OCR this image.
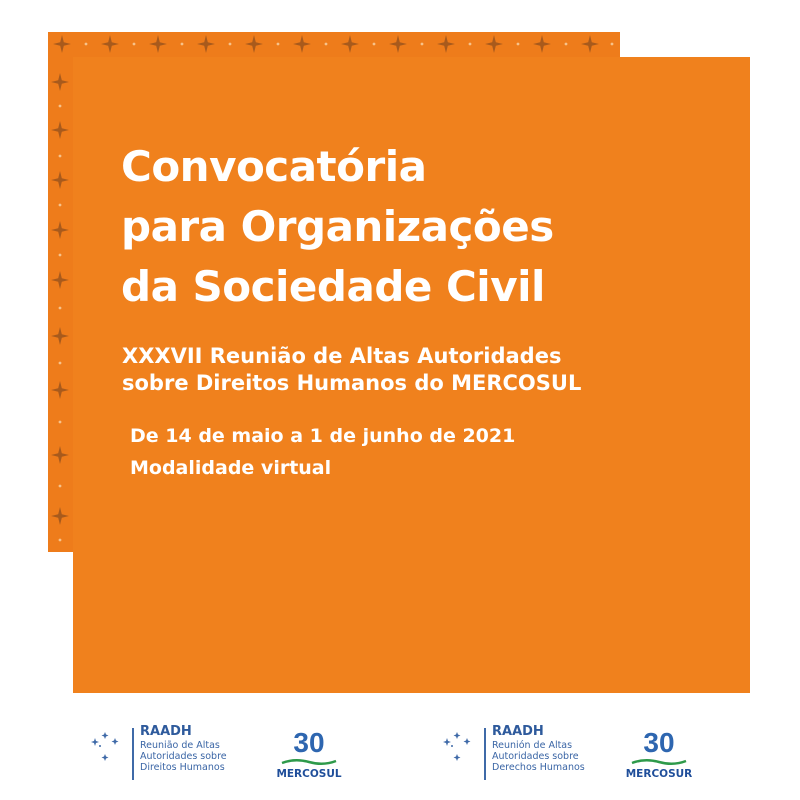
Convocatória
para Organizações
da Sociedade Civil
XXXVII Reunião de Altas Autoridades
sobre Direitos Humanos do MERCOSUL

De 14 de maio a 1 de junho de 2021
Modalidade virtual

RAADH
Reunião de Altas
Autoridades sobre
Direitos Humanos
30
MERCOSUL
RAADH
Reunión de Altas
Autoridades sobre
Derechos Humanos
30
MERCOSUR
